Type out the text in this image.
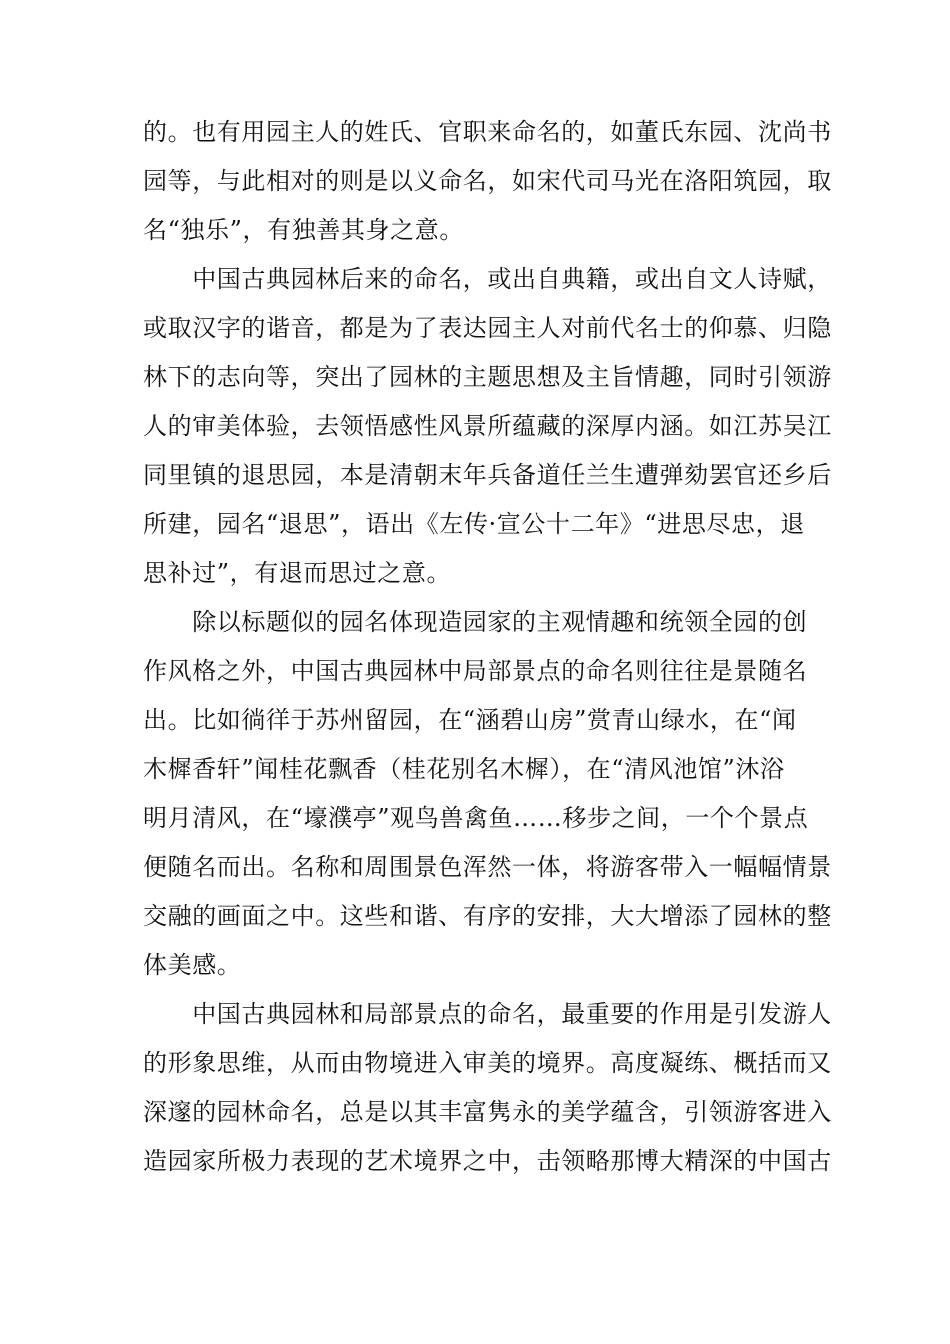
的。也有用园主人的姓氏、官职来命名的，如董氏东园、沈尚书
园等，与此相对的则是以义命名，如宋代司马光在洛阳筑园，取
名“独乐”，有独善其身之意。
　　中国古典园林后来的命名，或出自典籍，或出自文人诗赋，
或取汉字的谐音，都是为了表达园主人对前代名士的仰慕、归隐
林下的志向等，突出了园林的主题思想及主旨情趣，同时引领游
人的审美体验，去领悟感性风景所蕴藏的深厚内涵。如江苏吴江
同里镇的退思园，本是清朝末年兵备道任兰生遭弹劾罢官还乡后
所建，园名“退思”，语出《左传·宣公十二年》“进思尽忠，退
思补过”，有退而思过之意。
　　除以标题似的园名体现造园家的主观情趣和统领全园的创
作风格之外，中国古典园林中局部景点的命名则往往是景随名
出。比如徜徉于苏州留园，在“涵碧山房”赏青山绿水，在“闻
木樨香轩”闻桂花飘香（桂花别名木樨），在“清风池馆”沐浴
明月清风，在“壕濮亭”观鸟兽禽鱼……移步之间，一个个景点
便随名而出。名称和周围景色浑然一体，将游客带入一幅幅情景
交融的画面之中。这些和谐、有序的安排，大大增添了园林的整
体美感。
　　中国古典园林和局部景点的命名，最重要的作用是引发游人
的形象思维，从而由物境进入审美的境界。高度凝练、概括而又
深邃的园林命名，总是以其丰富隽永的美学蕴含，引领游客进入
造园家所极力表现的艺术境界之中，击领略那博大精深的中国古
